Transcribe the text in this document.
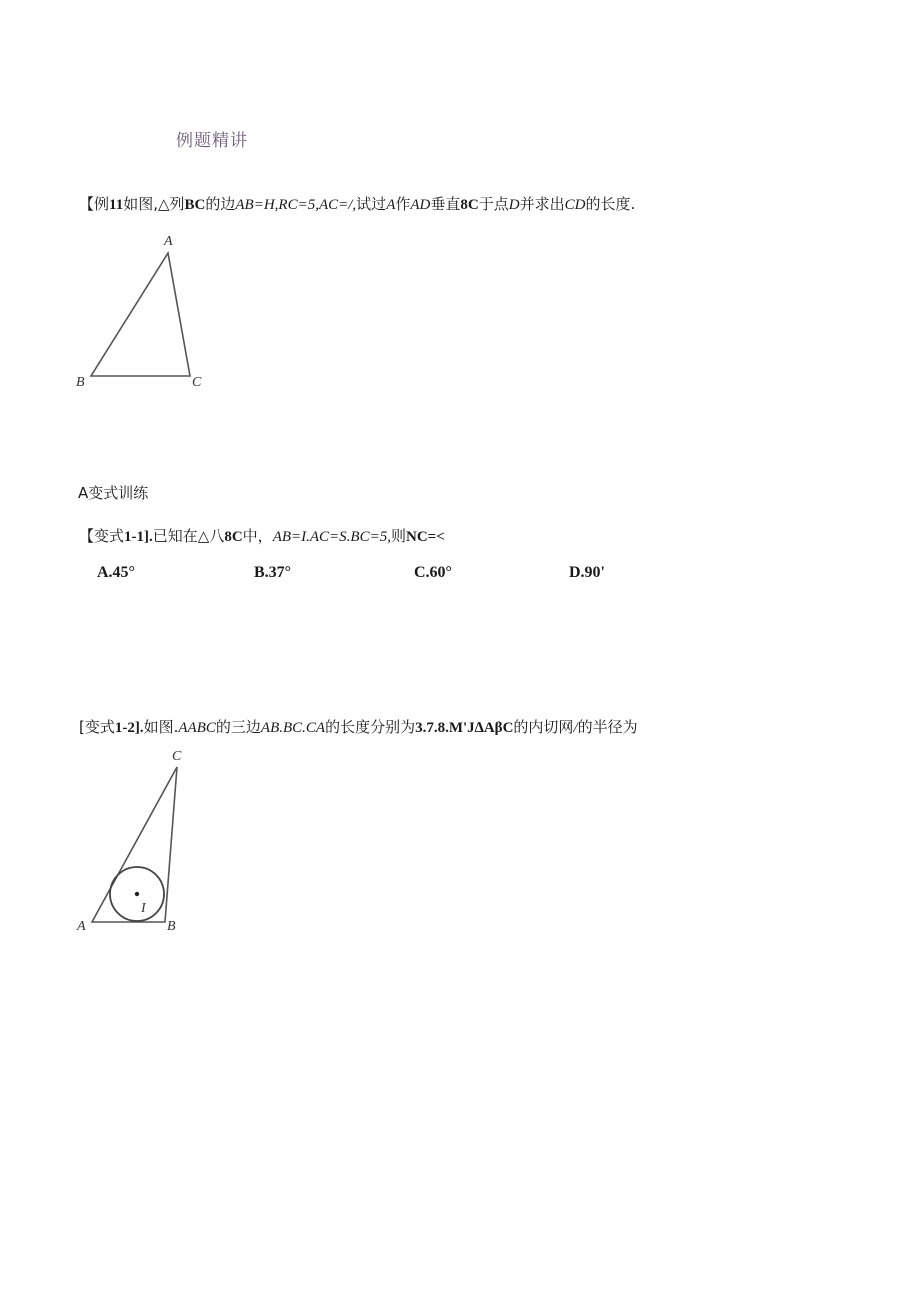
例题精讲
【例11如图,△列BC的边AB=H,RC=5,AC=/,试过A作AD垂直8C于点D并求出CD的长度.
A
B	C
A变式训练
【变式1-1].已知在△八8C中，AB=I.AC=S.BC=5,则NC=<
A.45°	B.37°	C.60°	D.90'
[变式1-2].如图.AABC的三边AB.BC.CA的长度分别为3.7.8.M'J∆AβC的内切网/的半径为
C
A	B
I
